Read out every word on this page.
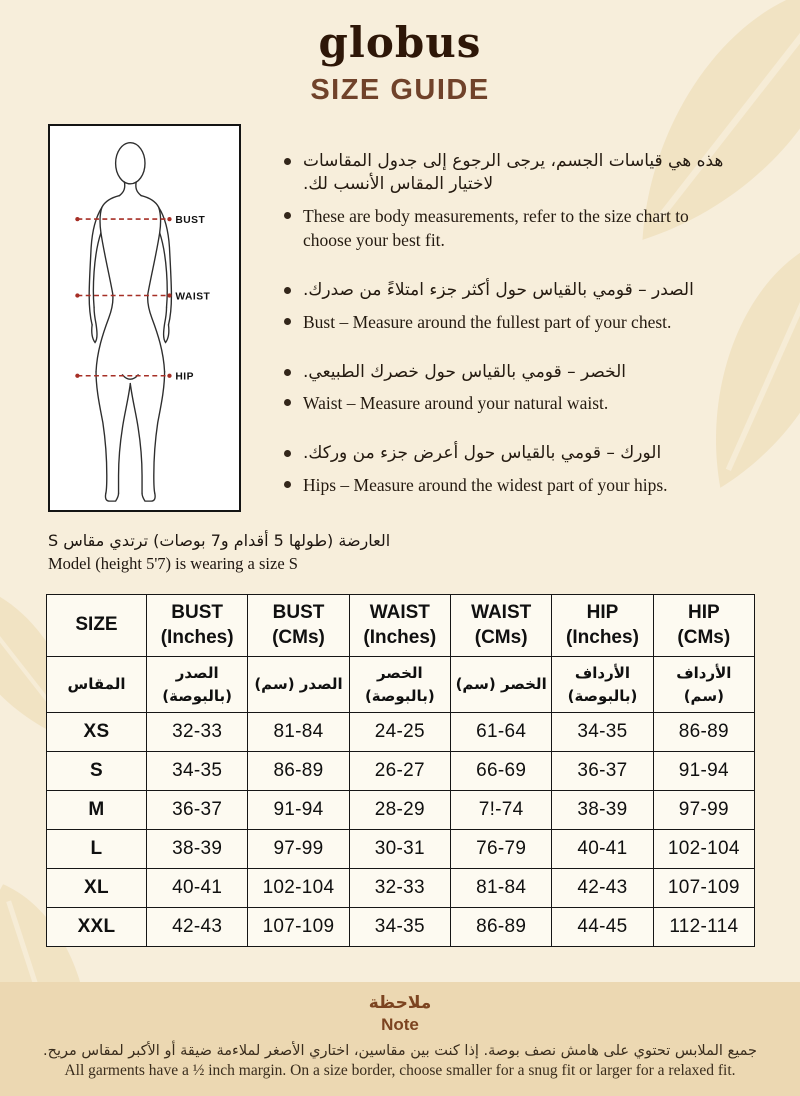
globus
SIZE GUIDE
BUST
WAIST
HIP
هذه هي قياسات الجسم، يرجى الرجوع إلى جدول المقاسات لاختيار المقاس الأنسب لك.
These are body measurements, refer to the size chart to choose your best fit.
الصدر – قومي بالقياس حول أكثر جزء امتلاءً من صدرك.
Bust – Measure around the fullest part of your chest.
الخصر – قومي بالقياس حول خصرك الطبيعي.
Waist – Measure around your natural waist.
الورك – قومي بالقياس حول أعرض جزء من وركك.
Hips – Measure around the widest part of your hips.
العارضة (طولها 5 أقدام و7 بوصات) ترتدي مقاس S
Model (height 5'7) is wearing a size S
SIZE	BUST
(Inches)	BUST
(CMs)	WAIST
(Inches)	WAIST
(CMs)	HIP
(Inches)	HIP
(CMs)
المقاس	الصدر
(بالبوصة)	الصدر (سم)	الخصر
(بالبوصة)	الخصر (سم)	الأرداف
(بالبوصة)	الأرداف (سم)
XS	32-33	81-84	24-25	61-64	34-35	86-89
S	34-35	86-89	26-27	66-69	36-37	91-94
M	36-37	91-94	28-29	7!-74	38-39	97-99
L	38-39	97-99	30-31	76-79	40-41	102-104
XL	40-41	102-104	32-33	81-84	42-43	107-109
XXL	42-43	107-109	34-35	86-89	44-45	112-114
ملاحظة
Note
جميع الملابس تحتوي على هامش نصف بوصة. إذا كنت بين مقاسين، اختاري الأصغر لملاءمة ضيقة أو الأكبر لمقاس مريح.
All garments have a ½ inch margin. On a size border, choose smaller for a snug fit or larger for a relaxed fit.
